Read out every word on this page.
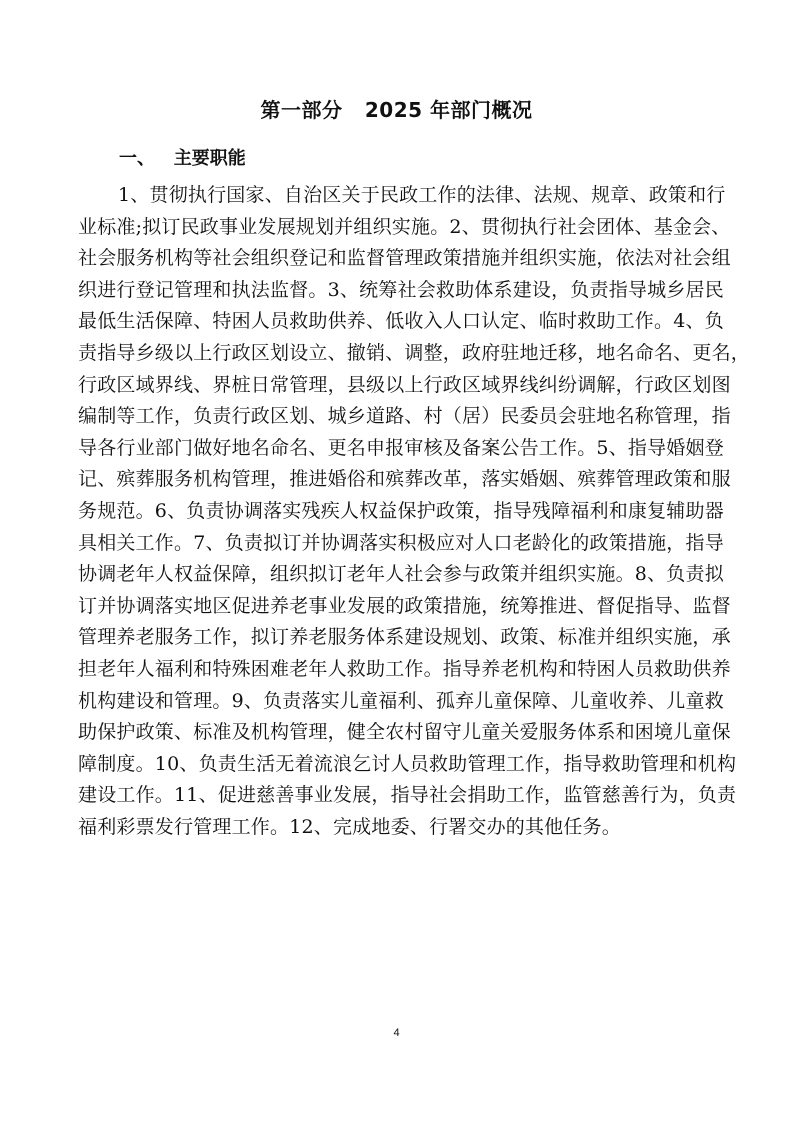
第一部分   2025 年部门概况
一、   主要职能
1、贯彻执行国家、自治区关于民政工作的法律、法规、规章、政策和行
业标准;拟订民政事业发展规划并组织实施。2、贯彻执行社会团体、基金会、
社会服务机构等社会组织登记和监督管理政策措施并组织实施，依法对社会组
织进行登记管理和执法监督。3、统筹社会救助体系建设，负责指导城乡居民
最低生活保障、特困人员救助供养、低收入人口认定、临时救助工作。4、负
责指导乡级以上行政区划设立、撤销、调整，政府驻地迁移，地名命名、更名，
行政区域界线、界桩日常管理，县级以上行政区域界线纠纷调解，行政区划图
编制等工作，负责行政区划、城乡道路、村（居）民委员会驻地名称管理，指
导各行业部门做好地名命名、更名申报审核及备案公告工作。5、指导婚姻登
记、殡葬服务机构管理，推进婚俗和殡葬改革，落实婚姻、殡葬管理政策和服
务规范。6、负责协调落实残疾人权益保护政策，指导残障福利和康复辅助器
具相关工作。7、负责拟订并协调落实积极应对人口老龄化的政策措施，指导
协调老年人权益保障，组织拟订老年人社会参与政策并组织实施。8、负责拟
订并协调落实地区促进养老事业发展的政策措施，统筹推进、督促指导、监督
管理养老服务工作，拟订养老服务体系建设规划、政策、标准并组织实施，承
担老年人福利和特殊困难老年人救助工作。指导养老机构和特困人员救助供养
机构建设和管理。9、负责落实儿童福利、孤弃儿童保障、儿童收养、儿童救
助保护政策、标准及机构管理，健全农村留守儿童关爱服务体系和困境儿童保
障制度。10、负责生活无着流浪乞讨人员救助管理工作，指导救助管理和机构
建设工作。11、促进慈善事业发展，指导社会捐助工作，监管慈善行为，负责
福利彩票发行管理工作。12、完成地委、行署交办的其他任务。
4
